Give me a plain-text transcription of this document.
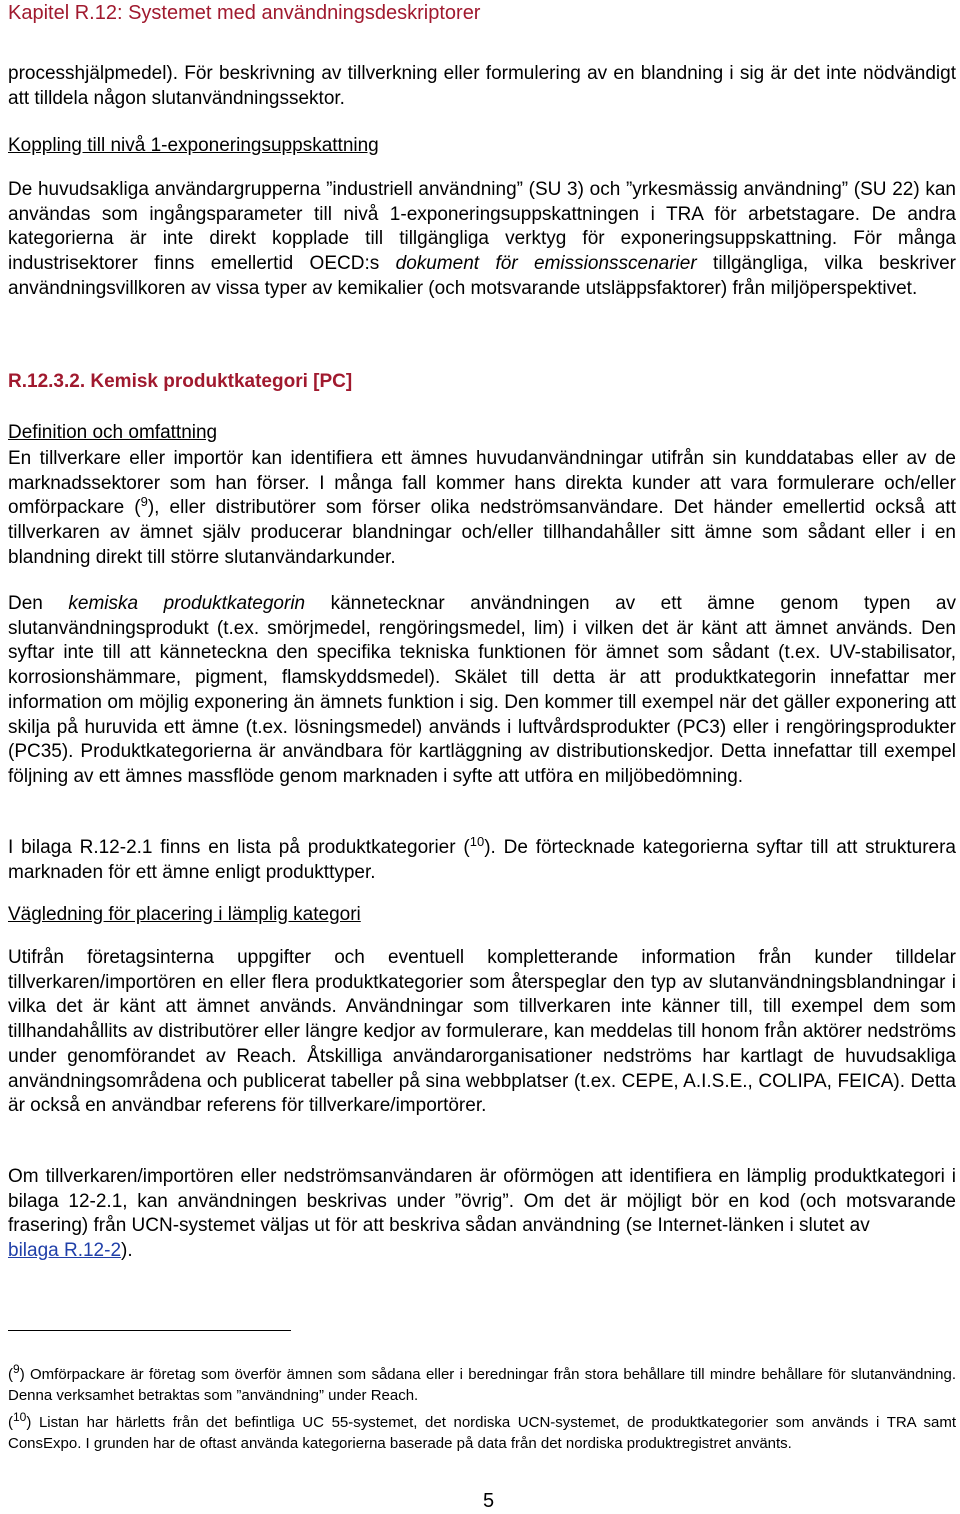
Kapitel R.12: Systemet med användningsdeskriptorer

processhjälpmedel). För beskrivning av tillverkning eller formulering av en blandning i sig är det inte nödvändigt att tilldela någon slutanvändningssektor.

Koppling till nivå 1-exponeringsuppskattning

De huvudsakliga användargrupperna ”industriell användning” (SU 3) och ”yrkesmässig användning” (SU 22) kan användas som ingångsparameter till nivå 1-exponeringsuppskattningen i TRA för arbetstagare. De andra kategorierna är inte direkt kopplade till tillgängliga verktyg för exponeringsuppskattning. För många industrisektorer finns emellertid OECD:s dokument för emissionsscenarier tillgängliga, vilka beskriver användningsvillkoren av vissa typer av kemikalier (och motsvarande utsläppsfaktorer) från miljöperspektivet.

R.12.3.2. Kemisk produktkategori [PC]
Definition och omfattning

En tillverkare eller importör kan identifiera ett ämnes huvudanvändningar utifrån sin kunddatabas eller av de marknadssektorer som han förser. I många fall kommer hans direkta kunder att vara formulerare och/eller omförpackare ($^9$), eller distributörer som förser olika nedströmsanvändare. Det händer emellertid också att tillverkaren av ämnet själv producerar blandningar och/eller tillhandahåller sitt ämne som sådant eller i en blandning direkt till större slutanvändarkunder.

Den kemiska produktkategorin kännetecknar användningen av ett ämne genom typen av slutanvändningsprodukt (t.ex. smörjmedel, rengöringsmedel, lim) i vilken det är känt att ämnet används. Den syftar inte till att känneteckna den specifika tekniska funktionen för ämnet som sådant (t.ex. UV-stabilisator, korrosionshämmare, pigment, flamskyddsmedel). Skälet till detta är att produktkategorin innefattar mer information om möjlig exponering än ämnets funktion i sig. Den kommer till exempel när det gäller exponering att skilja på huruvida ett ämne (t.ex. lösningsmedel) används i luftvårdsprodukter (PC3) eller i rengöringsprodukter (PC35). Produktkategorierna är användbara för kartläggning av distributionskedjor. Detta innefattar till exempel följning av ett ämnes massflöde genom marknaden i syfte att utföra en miljöbedömning.

I bilaga R.12-2.1 finns en lista på produktkategorier ($^{10}$). De förtecknade kategorierna syftar till att strukturera marknaden för ett ämne enligt produkttyper.

Vägledning för placering i lämplig kategori

Utifrån företagsinterna uppgifter och eventuell kompletterande information från kunder tilldelar tillverkaren/importören en eller flera produktkategorier som återspeglar den typ av slutanvändningsblandningar i vilka det är känt att ämnet används. Användningar som tillverkaren inte känner till, till exempel dem som tillhandahållits av distributörer eller längre kedjor av formulerare, kan meddelas till honom från aktörer nedströms under genomförandet av Reach. Åtskilliga användarorganisationer nedströms har kartlagt de huvudsakliga användningsområdena och publicerat tabeller på sina webbplatser (t.ex. CEPE, A.I.S.E., COLIPA, FEICA). Detta är också en användbar referens för tillverkare/importörer.

Om tillverkaren/importören eller nedströmsanvändaren är oförmögen att identifiera en lämplig produktkategori i bilaga 12-2.1, kan användningen beskrivas under ”övrig”. Om det är möjligt bör en kod (och motsvarande frasering) från UCN-systemet väljas ut för att beskriva sådan användning (se Internet-länken i slutet av
bilaga R.12-2).

($^9$) Omförpackare är företag som överför ämnen som sådana eller i beredningar från stora behållare till mindre behållare för slutanvändning. Denna verksamhet betraktas som ”användning” under Reach.

($^{10}$) Listan har härletts från det befintliga UC 55-systemet, det nordiska UCN-systemet, de produktkategorier som används i TRA samt ConsExpo. I grunden har de oftast använda kategorierna baserade på data från det nordiska produktregistret använts.

5
